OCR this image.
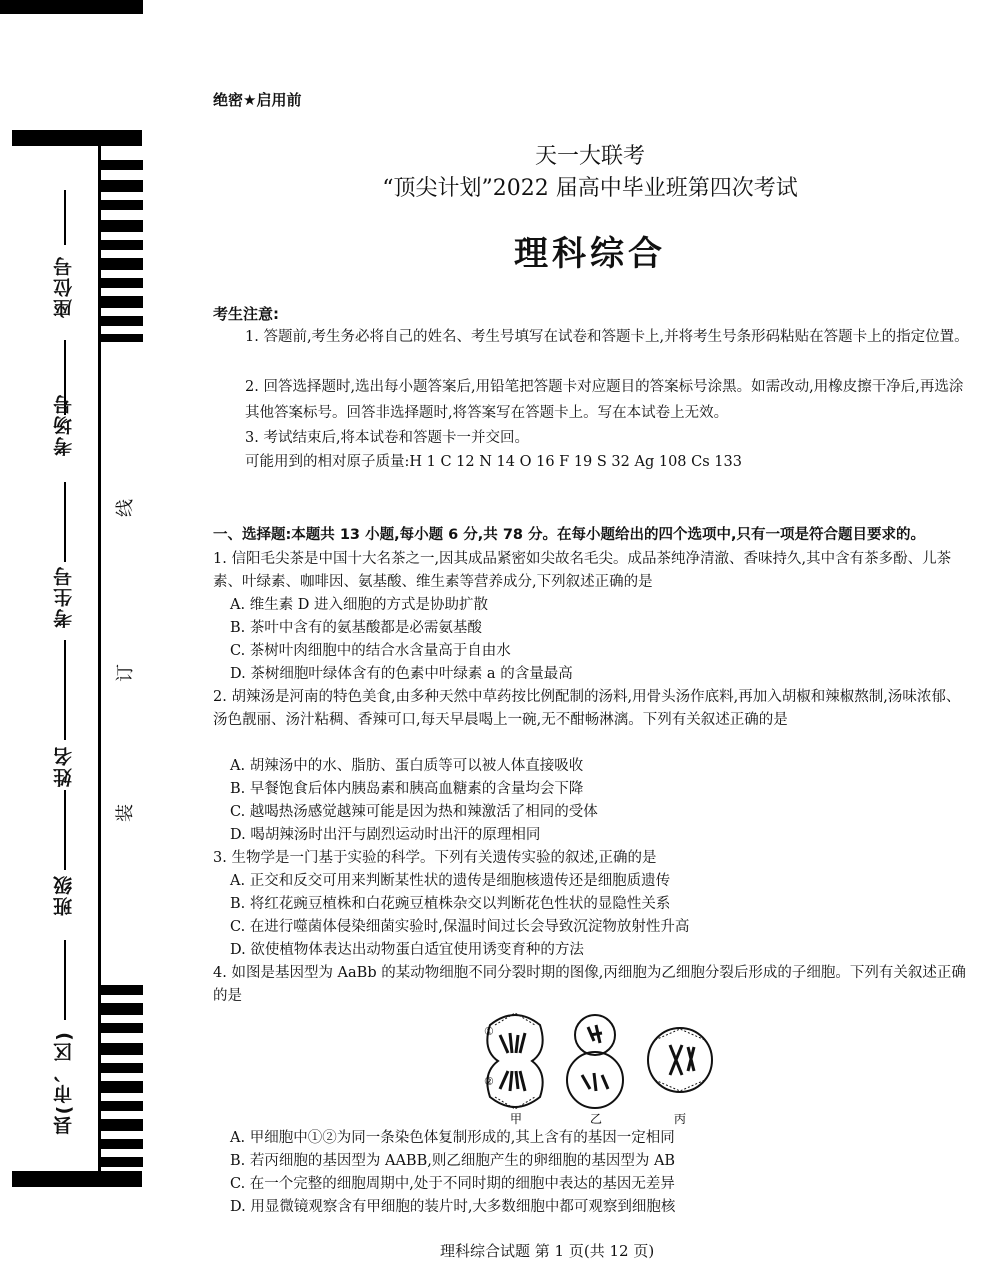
座位号
考场号
考生号
姓名
班级
县(市、区)
线
订
装
绝密★启用前
天一大联考
“顶尖计划”2022 届高中毕业班第四次考试
理科综合
考生注意:
1. 答题前,考生务必将自己的姓名、考生号填写在试卷和答题卡上,并将考生号条形码粘贴在答题卡上的指定位置。
2. 回答选择题时,选出每小题答案后,用铅笔把答题卡对应题目的答案标号涂黑。如需改动,用橡皮擦干净后,再选涂其他答案标号。回答非选择题时,将答案写在答题卡上。写在本试卷上无效。
3. 考试结束后,将本试卷和答题卡一并交回。
可能用到的相对原子质量:H 1 C 12 N 14 O 16 F 19 S 32 Ag 108 Cs 133
一、选择题:本题共 13 小题,每小题 6 分,共 78 分。在每小题给出的四个选项中,只有一项是符合题目要求的。
1. 信阳毛尖茶是中国十大名茶之一,因其成品紧密如尖故名毛尖。成品茶纯净清澈、香味持久,其中含有茶多酚、儿茶素、叶绿素、咖啡因、氨基酸、维生素等营养成分,下列叙述正确的是
A. 维生素 D 进入细胞的方式是协助扩散
B. 茶叶中含有的氨基酸都是必需氨基酸
C. 茶树叶肉细胞中的结合水含量高于自由水
D. 茶树细胞叶绿体含有的色素中叶绿素 a 的含量最高
2. 胡辣汤是河南的特色美食,由多种天然中草药按比例配制的汤料,用骨头汤作底料,再加入胡椒和辣椒熬制,汤味浓郁、汤色靓丽、汤汁粘稠、香辣可口,每天早晨喝上一碗,无不酣畅淋漓。下列有关叙述正确的是
A. 胡辣汤中的水、脂肪、蛋白质等可以被人体直接吸收
B. 早餐饱食后体内胰岛素和胰高血糖素的含量均会下降
C. 越喝热汤感觉越辣可能是因为热和辣激活了相同的受体
D. 喝胡辣汤时出汗与剧烈运动时出汗的原理相同
3. 生物学是一门基于实验的科学。下列有关遗传实验的叙述,正确的是
A. 正交和反交可用来判断某性状的遗传是细胞核遗传还是细胞质遗传
B. 将红花豌豆植株和白花豌豆植株杂交以判断花色性状的显隐性关系
C. 在进行噬菌体侵染细菌实验时,保温时间过长会导致沉淀物放射性升高
D. 欲使植物体表达出动物蛋白适宜使用诱变育种的方法
4. 如图是基因型为 AaBb 的某动物细胞不同分裂时期的图像,丙细胞为乙细胞分裂后形成的子细胞。下列有关叙述正确的是
①
②
甲	乙	丙
A. 甲细胞中①②为同一条染色体复制形成的,其上含有的基因一定相同
B. 若丙细胞的基因型为 AABB,则乙细胞产生的卵细胞的基因型为 AB
C. 在一个完整的细胞周期中,处于不同时期的细胞中表达的基因无差异
D. 用显微镜观察含有甲细胞的装片时,大多数细胞中都可观察到细胞核
理科综合试题 第 1 页(共 12 页)
